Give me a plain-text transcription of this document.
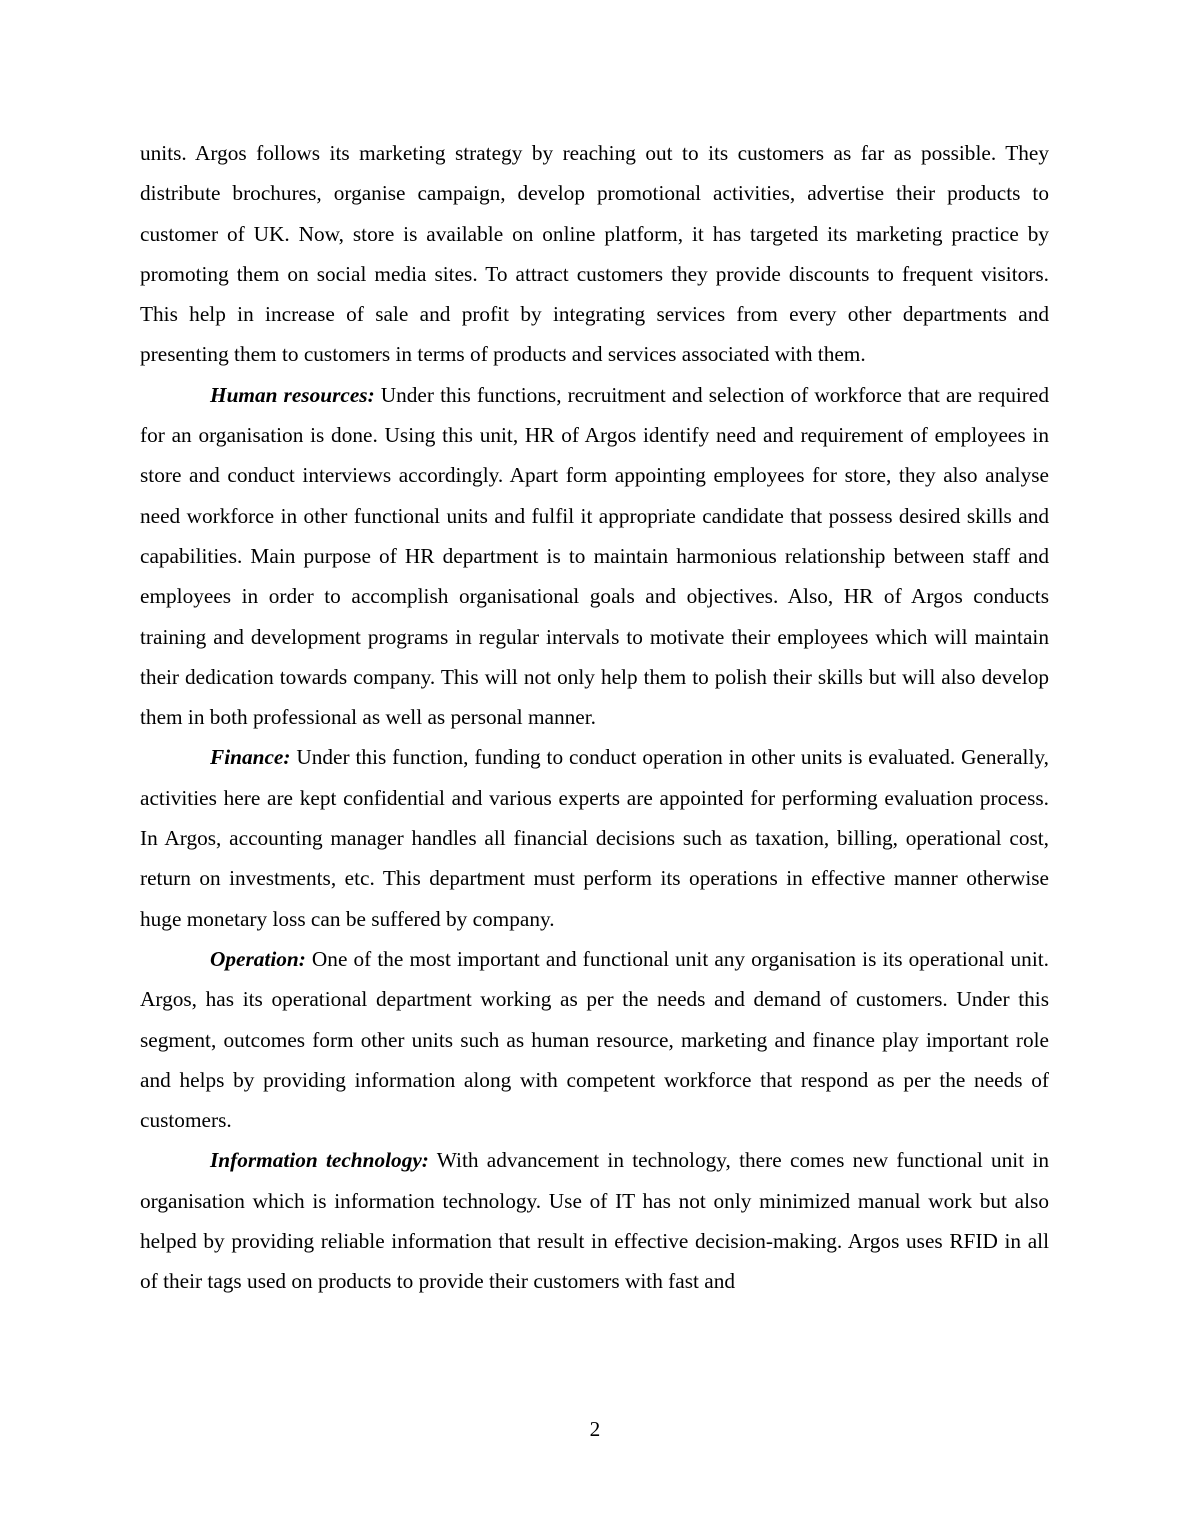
units. Argos follows its marketing strategy by reaching out to its customers as far as possible. They distribute brochures, organise campaign, develop promotional activities, advertise their products to customer of UK. Now, store is available on online platform, it has targeted its marketing practice by promoting them on social media sites. To attract customers they provide discounts to frequent visitors. This help in increase of sale and profit by integrating services from every other departments and presenting them to customers in terms of products and services associated with them.

Human resources: Under this functions, recruitment and selection of workforce that are required for an organisation is done. Using this unit, HR of Argos identify need and requirement of employees in store and conduct interviews accordingly. Apart form appointing employees for store, they also analyse need workforce in other functional units and fulfil it appropriate candidate that possess desired skills and capabilities. Main purpose of HR department is to maintain harmonious relationship between staff and employees in order to accomplish organisational goals and objectives. Also, HR of Argos conducts training and development programs in regular intervals to motivate their employees which will maintain their dedication towards company. This will not only help them to polish their skills but will also develop them in both professional as well as personal manner.

Finance: Under this function, funding to conduct operation in other units is evaluated. Generally, activities here are kept confidential and various experts are appointed for performing evaluation process. In Argos, accounting manager handles all financial decisions such as taxation, billing, operational cost, return on investments, etc. This department must perform its operations in effective manner otherwise huge monetary loss can be suffered by company.

Operation: One of the most important and functional unit any organisation is its operational unit. Argos, has its operational department working as per the needs and demand of customers. Under this segment, outcomes form other units such as human resource, marketing and finance play important role and helps by providing information along with competent workforce that respond as per the needs of customers.

Information technology: With advancement in technology, there comes new functional unit in organisation which is information technology. Use of IT has not only minimized manual work but also helped by providing reliable information that result in effective decision-making. Argos uses RFID in all of their tags used on products to provide their customers with fast and

2
